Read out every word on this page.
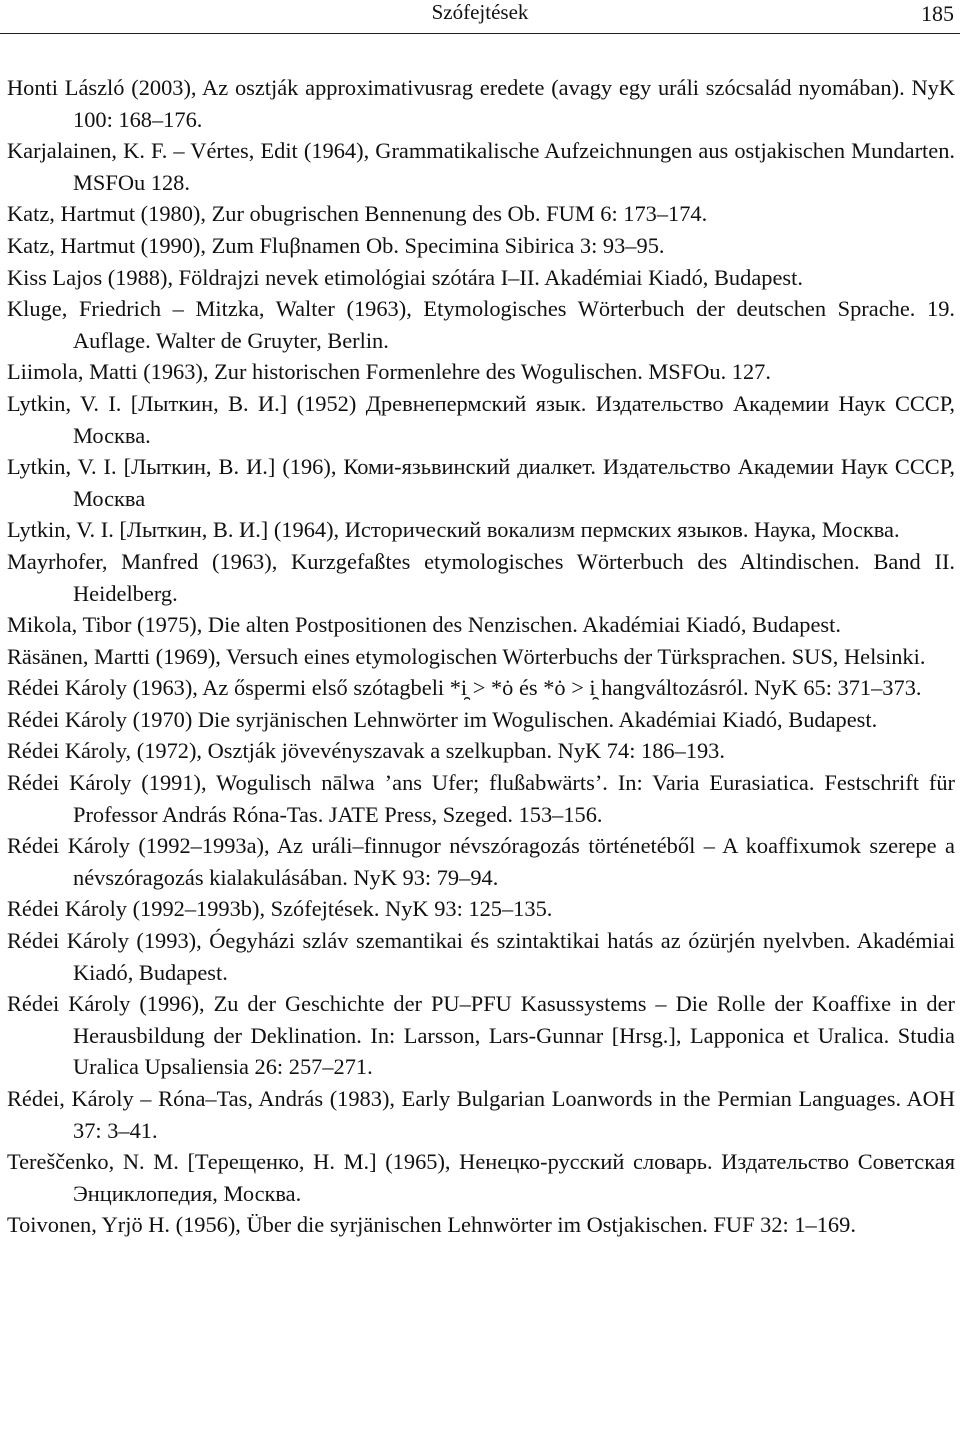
Szófejtések	185
Honti László (2003), Az osztják approximativusrag eredete (avagy egy uráli szócsalád nyomában). NyK 100: 168–176.
Karjalainen, K. F. – Vértes, Edit (1964), Grammatikalische Aufzeichnungen aus ostjakischen Mundarten. MSFOu 128.
Katz, Hartmut (1980), Zur obugrischen Bennenung des Ob. FUM 6: 173–174.
Katz, Hartmut (1990), Zum Fluβnamen Ob. Specimina Sibirica 3: 93–95.
Kiss Lajos (1988), Földrajzi nevek etimológiai szótára I–II. Akadémiai Kiadó, Budapest.
Kluge, Friedrich – Mitzka, Walter (1963), Etymologisches Wörterbuch der deutschen Sprache. 19. Auflage. Walter de Gruyter, Berlin.
Liimola, Matti (1963), Zur historischen Formenlehre des Wogulischen. MSFOu. 127.
Lytkin, V. I. [Лыткин, В. И.] (1952) Древнепермский язык. Издательство Академии Наук СССР, Москва.
Lytkin, V. I. [Лыткин, В. И.] (196), Коми-язьвинский диалкет. Издательство Академии Наук СССР, Москва
Lytkin, V. I. [Лыткин, В. И.] (1964), Исторический вокализм пермских языков. Наука, Москва.
Mayrhofer, Manfred (1963), Kurzgefaßtes etymologisches Wörterbuch des Altindischen. Band II. Heidelberg.
Mikola, Tibor (1975), Die alten Postpositionen des Nenzischen. Akadémiai Kiadó, Budapest.
Räsänen, Martti (1969), Versuch eines etymologischen Wörterbuchs der Türksprachen. SUS, Helsinki.
Rédei Károly (1963), Az őspermi első szótagbeli *i̯ > *ȯ és *ȯ > i̯ hangváltozásról. NyK 65: 371–373.
Rédei Károly (1970) Die syrjänischen Lehnwörter im Wogulischen. Akadémiai Kiadó, Budapest.
Rédei Károly, (1972), Osztják jövevényszavak a szelkupban. NyK 74: 186–193.
Rédei Károly (1991), Wogulisch nālwa ’ans Ufer; flußabwärts’. In: Varia Eurasiatica. Festschrift für Professor András Róna-Tas. JATE Press, Szeged. 153–156.
Rédei Károly (1992–1993a), Az uráli–finnugor névszóragozás történetéből – A koaffixumok szerepe a névszóragozás kialakulásában. NyK 93: 79–94.
Rédei Károly (1992–1993b), Szófejtések. NyK 93: 125–135.
Rédei Károly (1993), Óegyházi szláv szemantikai és szintaktikai hatás az ózürjén nyelvben. Akadémiai Kiadó, Budapest.
Rédei Károly (1996), Zu der Geschichte der PU–PFU Kasussystems – Die Rolle der Koaffixe in der Herausbildung der Deklination. In: Larsson, Lars-Gunnar [Hrsg.], Lapponica et Uralica. Studia Uralica Upsaliensia 26: 257–271.
Rédei, Károly – Róna–Tas, András (1983), Early Bulgarian Loanwords in the Permian Languages. AOH 37: 3–41.
Tereščenko, N. M. [Терещенко, Н. М.] (1965), Ненецко-русский словарь. Издательство Советская Энциклопедия, Москва.
Toivonen, Yrjö H. (1956), Über die syrjänischen Lehnwörter im Ostjakischen. FUF 32: 1–169.
